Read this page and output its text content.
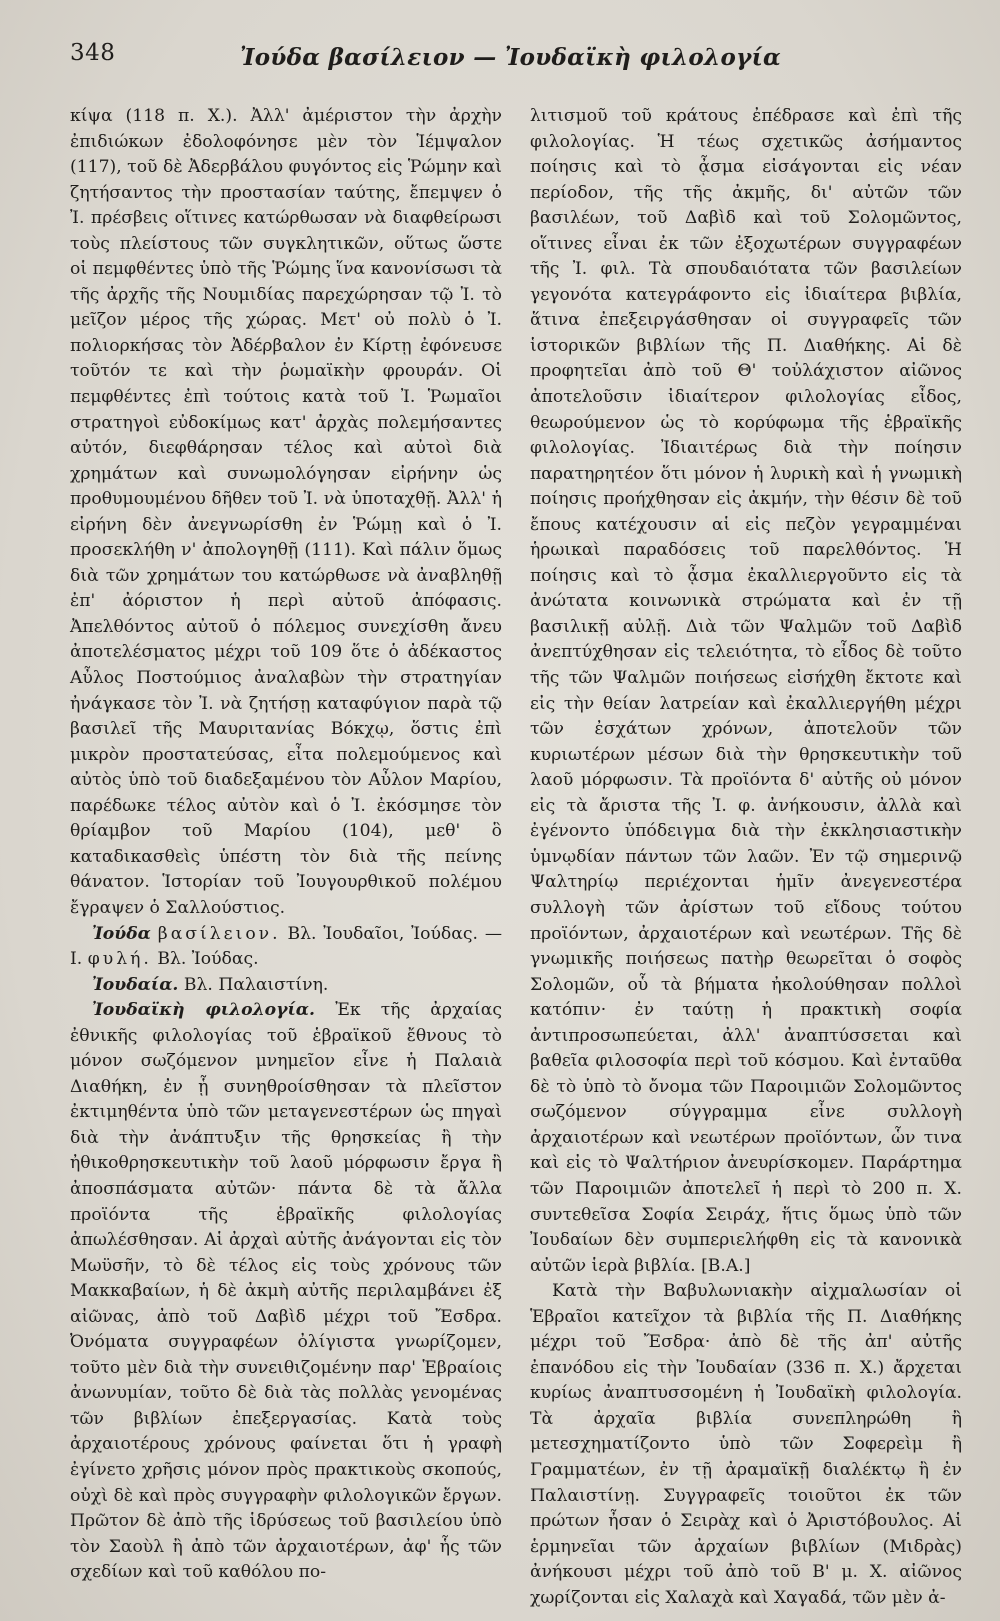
348	Ἰούδα βασίλειον — Ἰουδαϊκὴ φιλολογία

κίψα (118 π. Χ.). Ἀλλ' ἀμέριστον τὴν ἀρχὴν ἐπιδιώκων ἐδολοφόνησε μὲν τὸν Ἱέμψαλον (117), τοῦ δὲ Ἀδερβάλου φυγόντος εἰς Ῥώμην καὶ ζητήσαντος τὴν προστασίαν ταύτης, ἔπεμψεν ὁ Ἰ. πρέσβεις οἵτινες κατώρθωσαν νὰ διαφθείρωσι τοὺς πλείστους τῶν συγκλητικῶν, οὕτως ὥστε οἱ πεμφθέντες ὑπὸ τῆς Ῥώμης ἵνα κανονίσωσι τὰ τῆς ἀρχῆς τῆς Νουμιδίας παρεχώρησαν τῷ Ἰ. τὸ μεῖζον μέρος τῆς χώρας. Μετ' οὐ πολὺ ὁ Ἰ. πολιορκήσας τὸν Ἀδέρβαλον ἐν Κίρτῃ ἐφόνευσε τοῦτόν τε καὶ τὴν ῥωμαϊκὴν φρουράν. Οἱ πεμφθέντες ἐπὶ τούτοις κατὰ τοῦ Ἰ. Ῥωμαῖοι στρατηγοὶ εὐδοκίμως κατ' ἀρχὰς πολεμήσαντες αὐτόν, διεφθάρησαν τέλος καὶ αὐτοὶ διὰ χρημάτων καὶ συνωμολόγησαν εἰρήνην ὡς προθυμουμένου δῆθεν τοῦ Ἰ. νὰ ὑποταχθῇ. Ἀλλ' ἡ εἰρήνη δὲν ἀνεγνωρίσθη ἐν Ῥώμῃ καὶ ὁ Ἰ. προσεκλήθη ν' ἀπολογηθῇ (111). Καὶ πάλιν ὅμως διὰ τῶν χρημάτων του κατώρθωσε νὰ ἀναβληθῇ ἐπ' ἀόριστον ἡ περὶ αὐτοῦ ἀπόφασις. Ἀπελθόντος αὐτοῦ ὁ πόλεμος συνεχίσθη ἄνευ ἀποτελέσματος μέχρι τοῦ 109 ὅτε ὁ ἀδέκαστος Αὖλος Ποστούμιος ἀναλαβὼν τὴν στρατηγίαν ἠνάγκασε τὸν Ἰ. νὰ ζητήσῃ καταφύγιον παρὰ τῷ βασιλεῖ τῆς Μαυριτανίας Βόκχῳ, ὅστις ἐπὶ μικρὸν προστατεύσας, εἶτα πολεμούμενος καὶ αὐτὸς ὑπὸ τοῦ διαδεξαμένου τὸν Αὖλον Μαρίου, παρέδωκε τέλος αὐτὸν καὶ ὁ Ἰ. ἐκόσμησε τὸν θρίαμβον τοῦ Μαρίου (104), μεθ' ὃ καταδικασθεὶς ὑπέστη τὸν διὰ τῆς πείνης θάνατον. Ἱστορίαν τοῦ Ἰουγουρθικοῦ πολέμου ἔγραψεν ὁ Σαλλούστιος.

Ἰούδα βασίλειον. Βλ. Ἰουδαῖοι, Ἰούδας. — Ι. φυλή. Βλ. Ἰούδας.

Ἰουδαία. Βλ. Παλαιστίνη.

Ἰουδαϊκὴ φιλολογία. Ἐκ τῆς ἀρχαίας ἐθνικῆς φιλολογίας τοῦ ἑβραϊκοῦ ἔθνους τὸ μόνον σωζόμενον μνημεῖον εἶνε ἡ Παλαιὰ Διαθήκη, ἐν ᾗ συνηθροίσθησαν τὰ πλεῖστον ἐκτιμηθέντα ὑπὸ τῶν μεταγενεστέρων ὡς πηγαὶ διὰ τὴν ἀνάπτυξιν τῆς θρησκείας ἢ τὴν ἠθικοθρησκευτικὴν τοῦ λαοῦ μόρφωσιν ἔργα ἢ ἀποσπάσματα αὐτῶν· πάντα δὲ τὰ ἄλλα προϊόντα τῆς ἑβραϊκῆς φιλολογίας ἀπωλέσθησαν. Αἱ ἀρχαὶ αὐτῆς ἀνάγονται εἰς τὸν Μωϋσῆν, τὸ δὲ τέλος εἰς τοὺς χρόνους τῶν Μακκαβαίων, ἡ δὲ ἀκμὴ αὐτῆς περιλαμβάνει ἐξ αἰῶνας, ἀπὸ τοῦ Δαβὶδ μέχρι τοῦ Ἔσδρα. Ὀνόματα συγγραφέων ὀλίγιστα γνωρίζομεν, τοῦτο μὲν διὰ τὴν συνειθιζομένην παρ' Ἑβραίοις ἀνωνυμίαν, τοῦτο δὲ διὰ τὰς πολλὰς γενομένας τῶν βιβλίων ἐπεξεργασίας. Κατὰ τοὺς ἀρχαιοτέρους χρόνους φαίνεται ὅτι ἡ γραφὴ ἐγίνετο χρῆσις μόνον πρὸς πρακτικοὺς σκοπούς, οὐχὶ δὲ καὶ πρὸς συγγραφὴν φιλολογικῶν ἔργων. Πρῶτον δὲ ἀπὸ τῆς ἱδρύσεως τοῦ βασιλείου ὑπὸ τὸν Σαοὺλ ἢ ἀπὸ τῶν ἀρχαιοτέρων, ἀφ' ἧς τῶν σχεδίων καὶ τοῦ καθόλου πο-

λιτισμοῦ τοῦ κράτους ἐπέδρασε καὶ ἐπὶ τῆς φιλολογίας. Ἡ τέως σχετικῶς ἀσήμαντος ποίησις καὶ τὸ ᾆσμα εἰσάγονται εἰς νέαν περίοδον, τῆς τῆς ἀκμῆς, δι' αὐτῶν τῶν βασιλέων, τοῦ Δαβὶδ καὶ τοῦ Σολομῶντος, οἵτινες εἶναι ἐκ τῶν ἐξοχωτέρων συγγραφέων τῆς Ἰ. φιλ. Τὰ σπουδαιότατα τῶν βασιλείων γεγονότα κατεγράφοντο εἰς ἰδιαίτερα βιβλία, ἅτινα ἐπεξειργάσθησαν οἱ συγγραφεῖς τῶν ἱστορικῶν βιβλίων τῆς Π. Διαθήκης. Αἱ δὲ προφητεῖαι ἀπὸ τοῦ Θ' τοὐλάχιστον αἰῶνος ἀποτελοῦσιν ἰδιαίτερον φιλολογίας εἶδος, θεωρούμενον ὡς τὸ κορύφωμα τῆς ἑβραϊκῆς φιλολογίας. Ἰδιαιτέρως διὰ τὴν ποίησιν παρατηρητέον ὅτι μόνον ἡ λυρικὴ καὶ ἡ γνωμικὴ ποίησις προήχθησαν εἰς ἀκμήν, τὴν θέσιν δὲ τοῦ ἔπους κατέχουσιν αἱ εἰς πεζὸν γεγραμμέναι ἡρωικαὶ παραδόσεις τοῦ παρελθόντος. Ἡ ποίησις καὶ τὸ ᾆσμα ἐκαλλιεργοῦντο εἰς τὰ ἀνώτατα κοινωνικὰ στρώματα καὶ ἐν τῇ βασιλικῇ αὐλῇ. Διὰ τῶν Ψαλμῶν τοῦ Δαβὶδ ἀνεπτύχθησαν εἰς τελειότητα, τὸ εἶδος δὲ τοῦτο τῆς τῶν Ψαλμῶν ποιήσεως εἰσήχθη ἔκτοτε καὶ εἰς τὴν θείαν λατρείαν καὶ ἐκαλλιεργήθη μέχρι τῶν ἐσχάτων χρόνων, ἀποτελοῦν τῶν κυριωτέρων μέσων διὰ τὴν θρησκευτικὴν τοῦ λαοῦ μόρφωσιν. Τὰ προϊόντα δ' αὐτῆς οὐ μόνον εἰς τὰ ἄριστα τῆς Ἰ. φ. ἀνήκουσιν, ἀλλὰ καὶ ἐγένοντο ὑπόδειγμα διὰ τὴν ἐκκλησιαστικὴν ὑμνῳδίαν πάντων τῶν λαῶν. Ἐν τῷ σημερινῷ Ψαλτηρίῳ περιέχονται ἡμῖν ἀνεγενεστέρα συλλογὴ τῶν ἀρίστων τοῦ εἴδους τούτου προϊόντων, ἀρχαιοτέρων καὶ νεωτέρων. Τῆς δὲ γνωμικῆς ποιήσεως πατὴρ θεωρεῖται ὁ σοφὸς Σολομῶν, οὗ τὰ βήματα ἠκολούθησαν πολλοὶ κατόπιν· ἐν ταύτῃ ἡ πρακτικὴ σοφία ἀντιπροσωπεύεται, ἀλλ' ἀναπτύσσεται καὶ βαθεῖα φιλοσοφία περὶ τοῦ κόσμου. Καὶ ἐνταῦθα δὲ τὸ ὑπὸ τὸ ὄνομα τῶν Παροιμιῶν Σολομῶντος σωζόμενον σύγγραμμα εἶνε συλλογὴ ἀρχαιοτέρων καὶ νεωτέρων προϊόντων, ὧν τινα καὶ εἰς τὸ Ψαλτήριον ἀνευρίσκομεν. Παράρτημα τῶν Παροιμιῶν ἀποτελεῖ ἡ περὶ τὸ 200 π. Χ. συντεθεῖσα Σοφία Σειράχ, ἥτις ὅμως ὑπὸ τῶν Ἰουδαίων δὲν συμπεριελήφθη εἰς τὰ κανονικὰ αὐτῶν ἱερὰ βιβλία. [Β.Α.]

Κατὰ τὴν Βαβυλωνιακὴν αἰχμαλωσίαν οἱ Ἑβραῖοι κατεῖχον τὰ βιβλία τῆς Π. Διαθήκης μέχρι τοῦ Ἔσδρα· ἀπὸ δὲ τῆς ἀπ' αὐτῆς ἐπανόδου εἰς τὴν Ἰουδαίαν (336 π. Χ.) ἄρχεται κυρίως ἀναπτυσσομένη ἡ Ἰουδαϊκὴ φιλολογία. Τὰ ἀρχαῖα βιβλία συνεπληρώθη ἢ μετεσχηματίζοντο ὑπὸ τῶν Σοφερεὶμ ἢ Γραμματέων, ἐν τῇ ἀραμαϊκῇ διαλέκτῳ ἢ ἐν Παλαιστίνῃ. Συγγραφεῖς τοιοῦτοι ἐκ τῶν πρώτων ἦσαν ὁ Σειρὰχ καὶ ὁ Ἀριστόβουλος. Αἱ ἑρμηνεῖαι τῶν ἀρχαίων βιβλίων (Μιδρὰς) ἀνήκουσι μέχρι τοῦ ἀπὸ τοῦ Β' μ. Χ. αἰῶνος χωρίζονται εἰς Χαλαχὰ καὶ Χαγαδά, τῶν μὲν ἀ-
